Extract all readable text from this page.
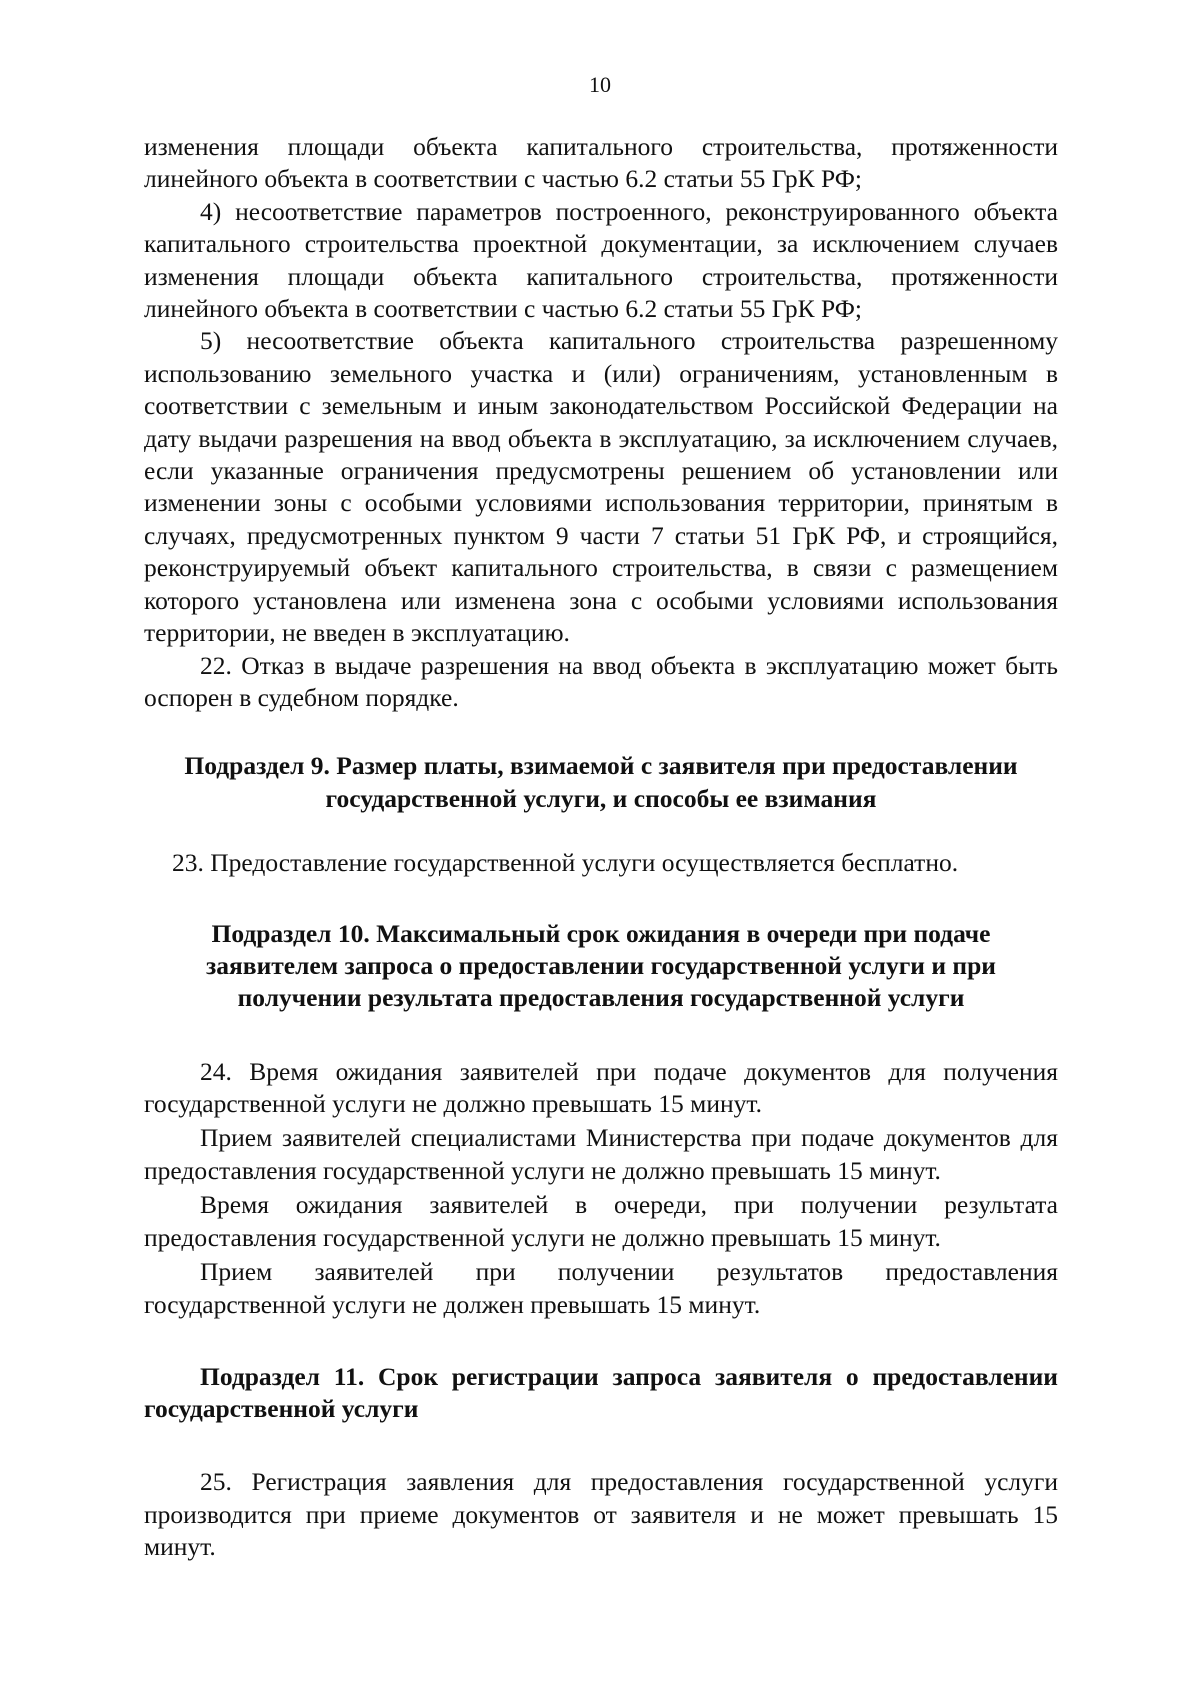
10

изменения площади объекта капитального строительства, протяженности линейного объекта в соответствии с частью 6.2 статьи 55 ГрК РФ;

4) несоответствие параметров построенного, реконструированного объекта капитального строительства проектной документации, за исключением случаев изменения площади объекта капитального строительства, протяженности линейного объекта в соответствии с частью 6.2 статьи 55 ГрК РФ;

5) несоответствие объекта капитального строительства разрешенному использованию земельного участка и (или) ограничениям, установленным в соответствии с земельным и иным законодательством Российской Федерации на дату выдачи разрешения на ввод объекта в эксплуатацию, за исключением случаев, если указанные ограничения предусмотрены решением об установлении или изменении зоны с особыми условиями использования территории, принятым в случаях, предусмотренных пунктом 9 части 7 статьи 51 ГрК РФ, и строящийся, реконструируемый объект капитального строительства, в связи с размещением которого установлена или изменена зона с особыми условиями использования территории, не введен в эксплуатацию.

22. Отказ в выдаче разрешения на ввод объекта в эксплуатацию может быть оспорен в судебном порядке.

Подраздел 9. Размер платы, взимаемой с заявителя при предоставлении государственной услуги, и способы ее взимания

23. Предоставление государственной услуги осуществляется бесплатно.

Подраздел 10. Максимальный срок ожидания в очереди при подаче заявителем запроса о предоставлении государственной услуги и при получении результата предоставления государственной услуги

24. Время ожидания заявителей при подаче документов для получения государственной услуги не должно превышать 15 минут.

Прием заявителей специалистами Министерства при подаче документов для предоставления государственной услуги не должно превышать 15 минут.

Время ожидания заявителей в очереди, при получении результата предоставления государственной услуги не должно превышать 15 минут.

Прием заявителей при получении результатов предоставления государственной услуги не должен превышать 15 минут.

Подраздел 11. Срок регистрации запроса заявителя о предоставлении государственной услуги

25. Регистрация заявления для предоставления государственной услуги производится при приеме документов от заявителя и не может превышать 15 минут.
